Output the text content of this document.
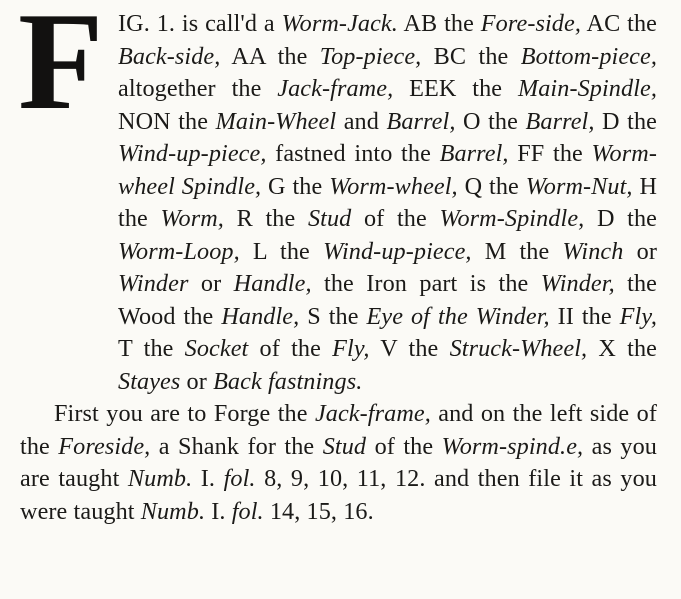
F IG. 1. is call'd a Worm-Jack. AB the Fore-side, AC the Back-side, AA the Top-piece, BC the Bottom-piece, altogether the Jack-frame, EEK the Main-Spindle, NON the Main-Wheel and Barrel, O the Barrel, D the Wind-up-piece, fastned into the Barrel, FF the Worm-wheel Spindle, G the Worm-wheel, Q the Worm-Nut, H the Worm, R the Stud of the Worm-Spindle, D the Worm-Loop, L the Wind-up-piece, M the Winch or Winder or Handle, the Iron part is the Winder, the Wood the Handle, S the Eye of the Winder, II the Fly, T the Socket of the Fly, V the Struck-Wheel, X the Stayes or Back fastnings.

First you are to Forge the Jack-frame, and on the left side of the Foreside, a Shank for the Stud of the Worm-spind.e, as you are taught Numb. I. fol. 8, 9, 10, 11, 12. and then file it as you were taught Numb. I. fol. 14, 15, 16.
